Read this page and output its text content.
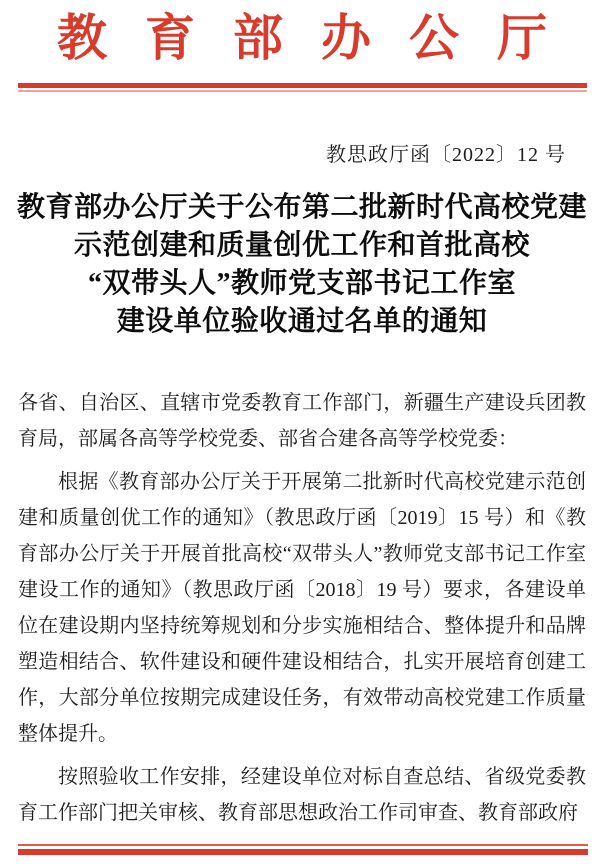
教育部办公厅
教思政厅函〔2022〕12 号
教育部办公厅关于公布第二批新时代高校党建
示范创建和质量创优工作和首批高校
“双带头人”教师党支部书记工作室
建设单位验收通过名单的通知

各省、自治区、直辖市党委教育工作部门，新疆生产建设兵团教育局，部属各高等学校党委、部省合建各高等学校党委：

根据《教育部办公厅关于开展第二批新时代高校党建示范创建和质量创优工作的通知》（教思政厅函〔2019〕15 号）和《教育部办公厅关于开展首批高校“双带头人”教师党支部书记工作室建设工作的通知》（教思政厅函〔2018〕19 号）要求，各建设单位在建设期内坚持统筹规划和分步实施相结合、整体提升和品牌塑造相结合、软件建设和硬件建设相结合，扎实开展培育创建工作，大部分单位按期完成建设任务，有效带动高校党建工作质量整体提升。

按照验收工作安排，经建设单位对标自查总结、省级党委教育工作部门把关审核、教育部思想政治工作司审查、教育部政府
